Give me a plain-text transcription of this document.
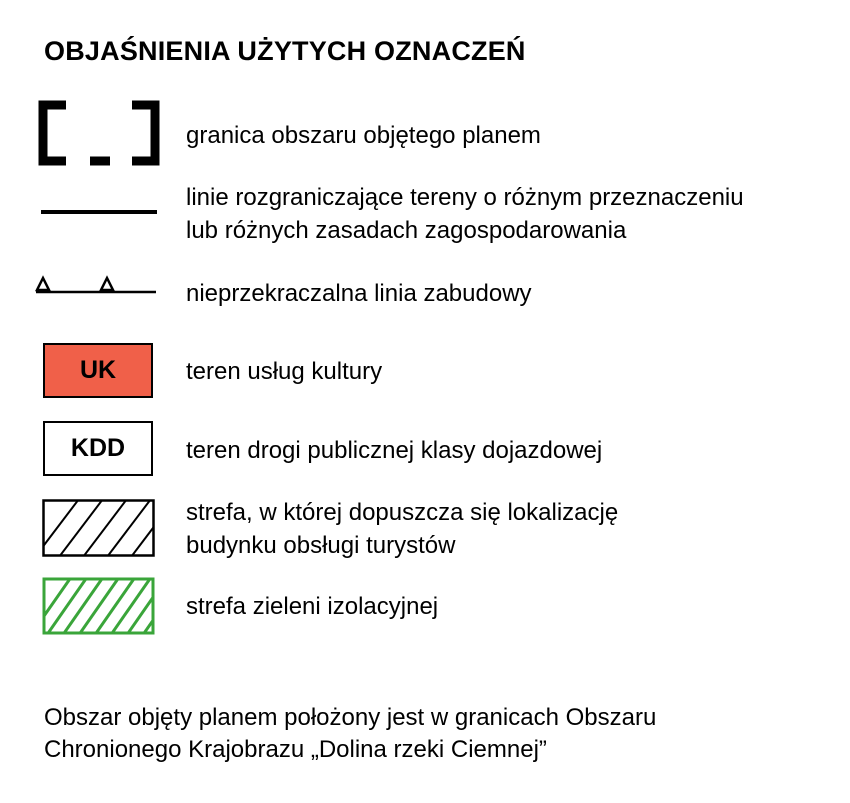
OBJAŚNIENIA UŻYTYCH OZNACZEŃ
granica obszaru objętego planem
linie rozgraniczające tereny o różnym przeznaczeniu
lub różnych zasadach zagospodarowania
nieprzekraczalna linia zabudowy
UK	teren usług kultury
KDD	teren drogi publicznej klasy dojazdowej
strefa, w której dopuszcza się lokalizację
budynku obsługi turystów
strefa zieleni izolacyjnej
Obszar objęty planem położony jest w granicach Obszaru
Chronionego Krajobrazu „Dolina rzeki Ciemnej”
